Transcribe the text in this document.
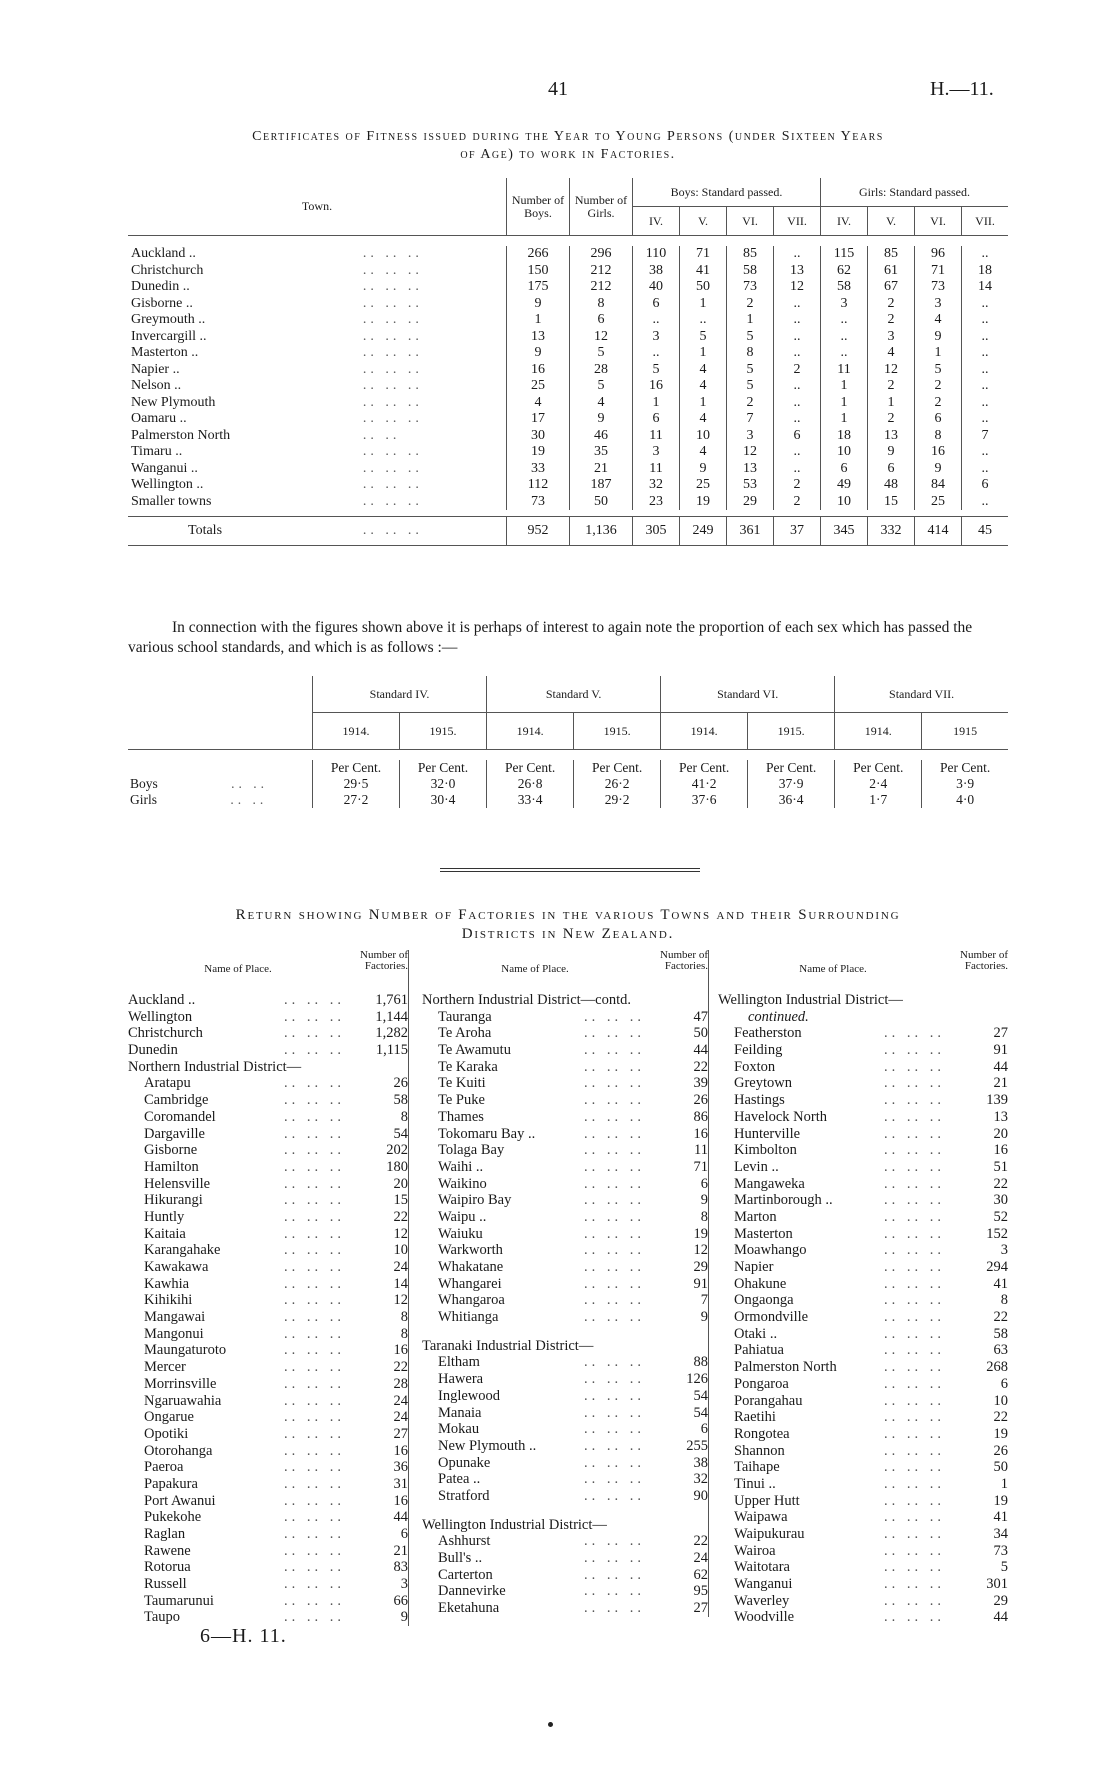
41	H.—11.
Certificates of Fitness issued during the Year to Young Persons (under Sixteen Years
of Age) to work in Factories.
Town.		Number of Boys.	Number of Girls.	Boys: Standard passed.				Girls: Standard passed.			
				IV.	V.	VI.	VII.	IV.	V.	VI.	VII.

Auckland ..	.. .. ..	266	296	110	71	85	..	115	85	96	..
Christchurch	.. .. ..	150	212	38	41	58	13	62	61	71	18
Dunedin ..	.. .. ..	175	212	40	50	73	12	58	67	73	14
Gisborne ..	.. .. ..	9	8	6	1	2	..	3	2	3	..
Greymouth ..	.. .. ..	1	6	..	..	1	..	..	2	4	..
Invercargill ..	.. .. ..	13	12	3	5	5	..	..	3	9	..
Masterton ..	.. .. ..	9	5	..	1	8	..	..	4	1	..
Napier ..	.. .. ..	16	28	5	4	5	2	11	12	5	..
Nelson ..	.. .. ..	25	5	16	4	5	..	1	2	2	..
New Plymouth	.. .. ..	4	4	1	1	2	..	1	1	2	..
Oamaru ..	.. .. ..	17	9	6	4	7	..	1	2	6	..
Palmerston North	.. ..	30	46	11	10	3	6	18	13	8	7
Timaru ..	.. .. ..	19	35	3	4	12	..	10	9	16	..
Wanganui ..	.. .. ..	33	21	11	9	13	..	6	6	9	..
Wellington ..	.. .. ..	112	187	32	25	53	2	49	48	84	6
Smaller towns	.. .. ..	73	50	23	19	29	2	10	15	25	..

Totals	.. .. ..	952	1,136	305	249	361	37	345	332	414	45
In connection with the figures shown above it is perhaps of interest to again note the proportion of each sex which has passed the various school standards, and which is as follows :—
	Standard IV.		Standard V.		Standard VI.		Standard VII.	
	1914.	1915.	1914.	1915.	1914.	1915.	1914.	1915

	Per Cent.	Per Cent.	Per Cent.	Per Cent.	Per Cent.	Per Cent.	Per Cent.	Per Cent.
Boys .. ..	29·5	32·0	26·8	26·2	41·2	37·9	2·4	3·9
Girls .. ..	27·2	30·4	33·4	29·2	37·6	36·4	1·7	4·0
Return showing Number of Factories in the various Towns and their Surrounding
Districts in New Zealand.
Name of Place.
Number of Factories.
Auckland ..	.. .. ..	1,761
Wellington	.. .. ..	1,144
Christchurch	.. .. ..	1,282
Dunedin	.. .. ..	1,115
Northern Industrial District—
Aratapu	.. .. ..	26
Cambridge	.. .. ..	58
Coromandel	.. .. ..	8
Dargaville	.. .. ..	54
Gisborne	.. .. ..	202
Hamilton	.. .. ..	180
Helensville	.. .. ..	20
Hikurangi	.. .. ..	15
Huntly	.. .. ..	22
Kaitaia	.. .. ..	12
Karangahake	.. .. ..	10
Kawakawa	.. .. ..	24
Kawhia	.. .. ..	14
Kihikihi	.. .. ..	12
Mangawai	.. .. ..	8
Mangonui	.. .. ..	8
Maungaturoto	.. .. ..	16
Mercer	.. .. ..	22
Morrinsville	.. .. ..	28
Ngaruawahia	.. .. ..	24
Ongarue	.. .. ..	24
Opotiki	.. .. ..	27
Otorohanga	.. .. ..	16
Paeroa	.. .. ..	36
Papakura	.. .. ..	31
Port Awanui	.. .. ..	16
Pukekohe	.. .. ..	44
Raglan	.. .. ..	6
Rawene	.. .. ..	21
Rotorua	.. .. ..	83
Russell	.. .. ..	3
Taumarunui	.. .. ..	66
Taupo	.. .. ..	9
Name of Place.
Number of Factories.
Northern Industrial District—contd.
Tauranga	.. .. ..	47
Te Aroha	.. .. ..	50
Te Awamutu	.. .. ..	44
Te Karaka	.. .. ..	22
Te Kuiti	.. .. ..	39
Te Puke	.. .. ..	26
Thames	.. .. ..	86
Tokomaru Bay ..	.. .. ..	16
Tolaga Bay	.. .. ..	11
Waihi ..	.. .. ..	71
Waikino	.. .. ..	6
Waipiro Bay	.. .. ..	9
Waipu ..	.. .. ..	8
Waiuku	.. .. ..	19
Warkworth	.. .. ..	12
Whakatane	.. .. ..	29
Whangarei	.. .. ..	91
Whangaroa	.. .. ..	7
Whitianga	.. .. ..	9
Taranaki Industrial District—
Eltham	.. .. ..	88
Hawera	.. .. ..	126
Inglewood	.. .. ..	54
Manaia	.. .. ..	54
Mokau	.. .. ..	6
New Plymouth ..	.. .. ..	255
Opunake	.. .. ..	38
Patea ..	.. .. ..	32
Stratford	.. .. ..	90
Wellington Industrial District—
Ashhurst	.. .. ..	22
Bull's ..	.. .. ..	24
Carterton	.. .. ..	62
Dannevirke	.. .. ..	95
Eketahuna	.. .. ..	27
Name of Place.
Number of Factories.
Wellington Industrial District—
continued.
Featherston	.. .. ..	27
Feilding	.. .. ..	91
Foxton	.. .. ..	44
Greytown	.. .. ..	21
Hastings	.. .. ..	139
Havelock North	.. .. ..	13
Hunterville	.. .. ..	20
Kimbolton	.. .. ..	16
Levin ..	.. .. ..	51
Mangaweka	.. .. ..	22
Martinborough ..	.. .. ..	30
Marton	.. .. ..	52
Masterton	.. .. ..	152
Moawhango	.. .. ..	3
Napier	.. .. ..	294
Ohakune	.. .. ..	41
Ongaonga	.. .. ..	8
Ormondville	.. .. ..	22
Otaki ..	.. .. ..	58
Pahiatua	.. .. ..	63
Palmerston North	.. .. ..	268
Pongaroa	.. .. ..	6
Porangahau	.. .. ..	10
Raetihi	.. .. ..	22
Rongotea	.. .. ..	19
Shannon	.. .. ..	26
Taihape	.. .. ..	50
Tinui ..	.. .. ..	1
Upper Hutt	.. .. ..	19
Waipawa	.. .. ..	41
Waipukurau	.. .. ..	34
Wairoa	.. .. ..	73
Waitotara	.. .. ..	5
Wanganui	.. .. ..	301
Waverley	.. .. ..	29
Woodville	.. .. ..	44
6—H. 11.
